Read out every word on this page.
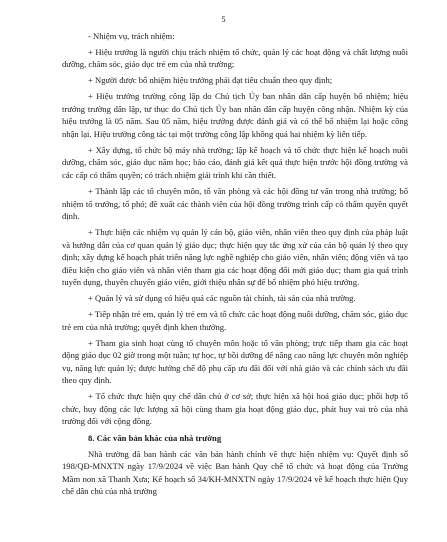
5

- Nhiệm vụ, trách nhiệm:

+ Hiệu trưởng là người chịu trách nhiệm tổ chức, quản lý các hoạt động và chất lượng nuôi dưỡng, chăm sóc, giáo dục trẻ em của nhà trường;

+ Người được bổ nhiệm hiệu trưởng phải đạt tiêu chuẩn theo quy định;

+ Hiệu trưởng trường công lập do Chủ tịch Ủy ban nhân dân cấp huyện bổ nhiệm; hiệu trưởng trường dân lập, tư thục do Chủ tịch Ủy ban nhân dân cấp huyện công nhận. Nhiệm kỳ của hiệu trưởng là 05 năm. Sau 05 năm, hiệu trưởng được đánh giá và có thể bổ nhiệm lại hoặc công nhận lại. Hiệu trưởng công tác tại một trường công lập không quá hai nhiệm kỳ liên tiếp.

+ Xây dựng, tổ chức bộ máy nhà trường; lập kế hoạch và tổ chức thực hiện kế hoạch nuôi dưỡng, chăm sóc, giáo dục năm học; báo cáo, đánh giá kết quả thực hiện trước hội đồng trường và các cấp có thẩm quyền; có trách nhiệm giải trình khi cần thiết.

+ Thành lập các tổ chuyên môn, tổ văn phòng và các hội đồng tư vấn trong nhà trường; bổ nhiệm tổ trưởng, tổ phó; đề xuất các thành viên của hội đồng trường trình cấp có thẩm quyền quyết định.

+ Thực hiện các nhiệm vụ quản lý cán bộ, giáo viên, nhân viên theo quy định của pháp luật và hướng dẫn của cơ quan quản lý giáo dục; thực hiện quy tắc ứng xử của cán bộ quản lý theo quy định; xây dựng kế hoạch phát triển năng lực nghề nghiệp cho giáo viên, nhân viên; động viên và tạo điều kiện cho giáo viên và nhân viên tham gia các hoạt động đổi mới giáo dục; tham gia quá trình tuyển dụng, thuyên chuyển giáo viên, giới thiệu nhân sự để bổ nhiệm phó hiệu trưởng.

+ Quản lý và sử dụng có hiệu quả các nguồn tài chính, tài sản của nhà trường.

+ Tiếp nhận trẻ em, quản lý trẻ em và tổ chức các hoạt động nuôi dưỡng, chăm sóc, giáo dục trẻ em của nhà trường; quyết định khen thưởng.

+ Tham gia sinh hoạt cùng tổ chuyên môn hoặc tổ văn phòng; trực tiếp tham gia các hoạt động giáo dục 02 giờ trong một tuần; tự học, tự bồi dưỡng để nâng cao năng lực chuyên môn nghiệp vụ, năng lực quản lý; được hưởng chế độ phụ cấp ưu đãi đối với nhà giáo và các chính sách ưu đãi theo quy định.

+ Tổ chức thực hiện quy chế dân chủ ở cơ sở; thực hiện xã hội hoá giáo dục; phối hợp tổ chức, huy động các lực lượng xã hội cùng tham gia hoạt động giáo dục, phát huy vai trò của nhà trường đối với cộng đồng.

8. Các văn bản khác của nhà trường

Nhà trường đã ban hành các văn bản hành chính về thực hiện nhiệm vụ: Quyết định số 198/QĐ-MNXTN ngày 17/9/2024 về việc Ban hành Quy chế tổ chức và hoạt động của Trường Mầm non xã Thanh Xưa; Kế hoạch số 34/KH-MNXTN ngày 17/9/2024 về kế hoạch thực hiện Quy chế dân chủ của nhà trường
